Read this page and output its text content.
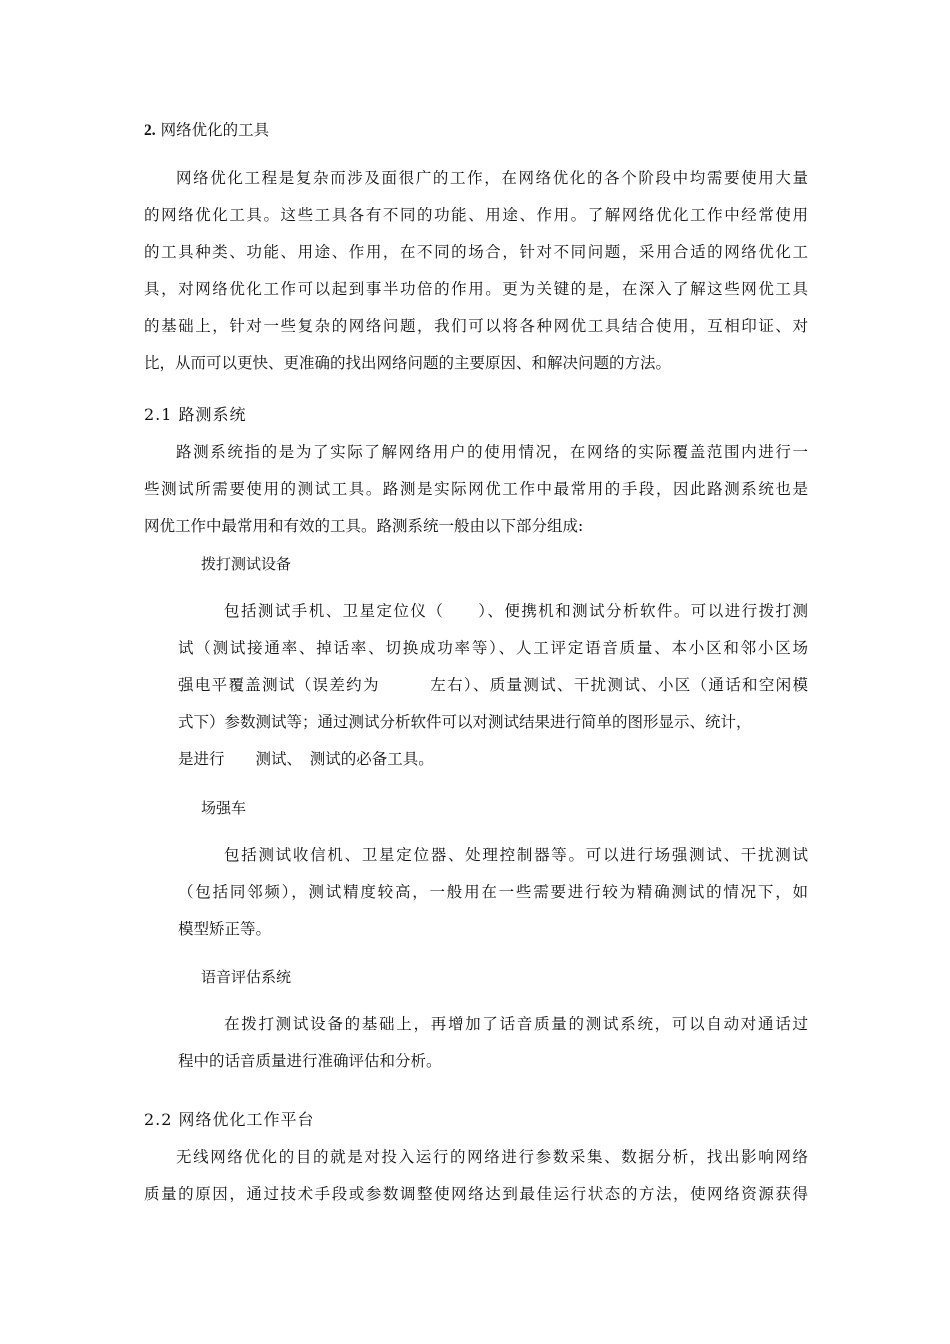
2. 网络优化的工具
网络优化工程是复杂而涉及面很广的工作，在网络优化的各个阶段中均需要使用大量
的网络优化工具。这些工具各有不同的功能、用途、作用。了解网络优化工作中经常使用
的工具种类、功能、用途、作用，在不同的场合，针对不同问题，采用合适的网络优化工
具，对网络优化工作可以起到事半功倍的作用。更为关键的是，在深入了解这些网优工具
的基础上，针对一些复杂的网络问题，我们可以将各种网优工具结合使用，互相印证、对
比，从而可以更快、更准确的找出网络问题的主要原因、和解决问题的方法。
2.1 路测系统
路测系统指的是为了实际了解网络用户的使用情况，在网络的实际覆盖范围内进行一
些测试所需要使用的测试工具。路测是实际网优工作中最常用的手段，因此路测系统也是
网优工作中最常用和有效的工具。路测系统一般由以下部分组成:
拨打测试设备
包括测试手机、卫星定位仪（　　）、便携机和测试分析软件。可以进行拨打测
试（测试接通率、掉话率、切换成功率等）、人工评定语音质量、本小区和邻小区场
强电平覆盖测试（误差约为　　　左右）、质量测试、干扰测试、小区（通话和空闲模
式下）参数测试等；通过测试分析软件可以对测试结果进行简单的图形显示、统计，
是进行　　测试、　测试的必备工具。
场强车
包括测试收信机、卫星定位器、处理控制器等。可以进行场强测试、干扰测试
（包括同邻频），测试精度较高，一般用在一些需要进行较为精确测试的情况下，如
模型矫正等。
语音评估系统
在拨打测试设备的基础上，再增加了话音质量的测试系统，可以自动对通话过
程中的话音质量进行准确评估和分析。
2.2 网络优化工作平台
无线网络优化的目的就是对投入运行的网络进行参数采集、数据分析，找出影响网络
质量的原因，通过技术手段或参数调整使网络达到最佳运行状态的方法，使网络资源获得
